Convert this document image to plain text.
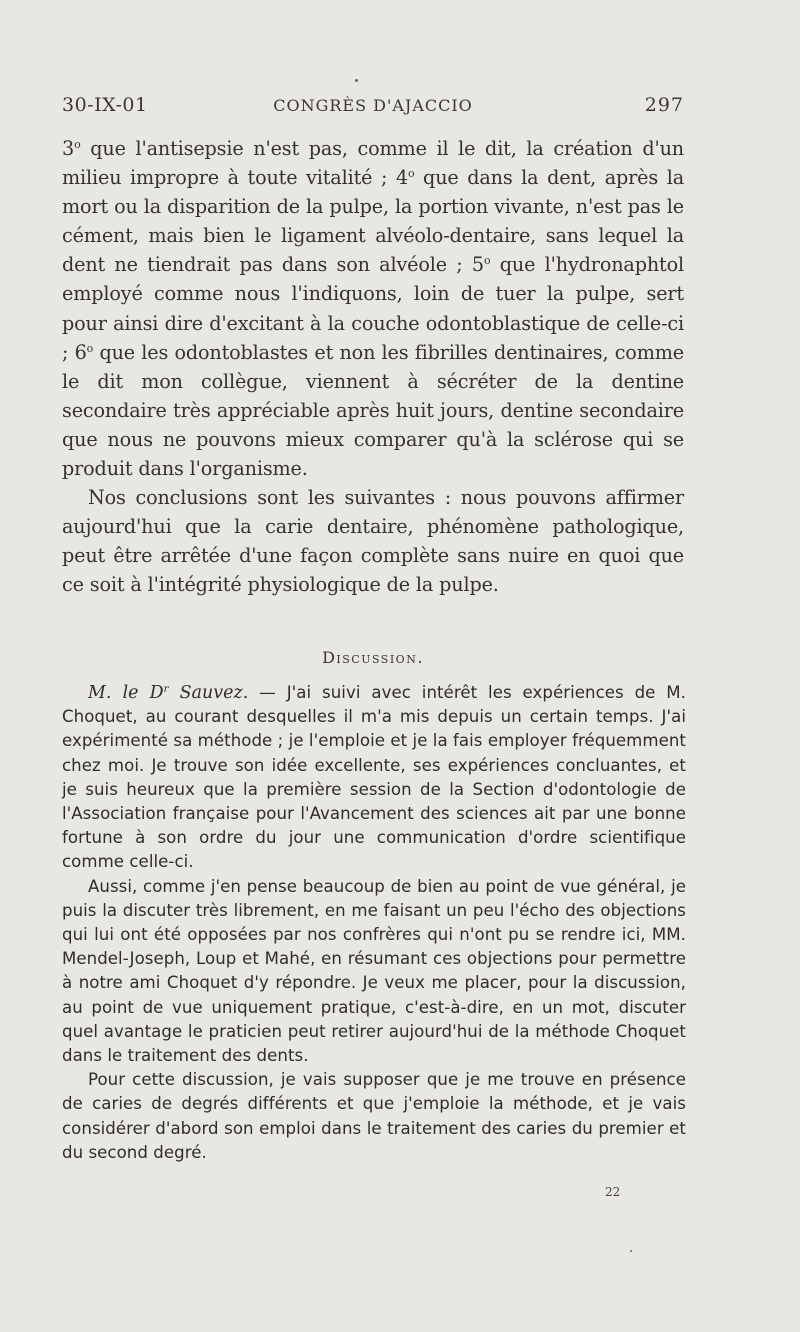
30-IX-01	CONGRÈS D'AJACCIO	297

3$^o$ que l'antisepsie n'est pas, comme il le dit, la création d'un milieu impropre à toute vitalité ; 4$^o$ que dans la dent, après la mort ou la disparition de la pulpe, la portion vivante, n'est pas le cément, mais bien le ligament alvéolo-dentaire, sans lequel la dent ne tiendrait pas dans son alvéole ; 5$^o$ que l'hydronaphtol employé comme nous l'indiquons, loin de tuer la pulpe, sert pour ainsi dire d'excitant à la couche odontoblastique de celle-ci ; 6$^o$ que les odontoblastes et non les fibrilles dentinaires, comme le dit mon collègue, viennent à sécréter de la dentine secondaire très appréciable après huit jours, dentine secondaire que nous ne pouvons mieux comparer qu'à la sclérose qui se produit dans l'organisme.

Nos conclusions sont les suivantes : nous pouvons affirmer aujourd'hui que la carie dentaire, phénomène pathologique, peut être arrêtée d'une façon complète sans nuire en quoi que ce soit à l'intégrité physiologique de la pulpe.

Discussion.

M. le $D^r$ Sauvez. — J'ai suivi avec intérêt les expériences de M. Choquet, au courant desquelles il m'a mis depuis un certain temps. J'ai expérimenté sa méthode ; je l'emploie et je la fais employer fréquemment chez moi. Je trouve son idée excellente, ses expériences concluantes, et je suis heureux que la première session de la Section d'odontologie de l'Association française pour l'Avancement des sciences ait par une bonne fortune à son ordre du jour une communication d'ordre scientifique comme celle-ci.

Aussi, comme j'en pense beaucoup de bien au point de vue général, je puis la discuter très librement, en me faisant un peu l'écho des objections qui lui ont été opposées par nos confrères qui n'ont pu se rendre ici, MM. Mendel-Joseph, Loup et Mahé, en résumant ces objections pour permettre à notre ami Choquet d'y répondre. Je veux me placer, pour la discussion, au point de vue uniquement pratique, c'est-à-dire, en un mot, discuter quel avantage le praticien peut retirer aujourd'hui de la méthode Choquet dans le traitement des dents.

Pour cette discussion, je vais supposer que je me trouve en présence de caries de degrés différents et que j'emploie la méthode, et je vais considérer d'abord son emploi dans le traitement des caries du premier et du second degré.

22
